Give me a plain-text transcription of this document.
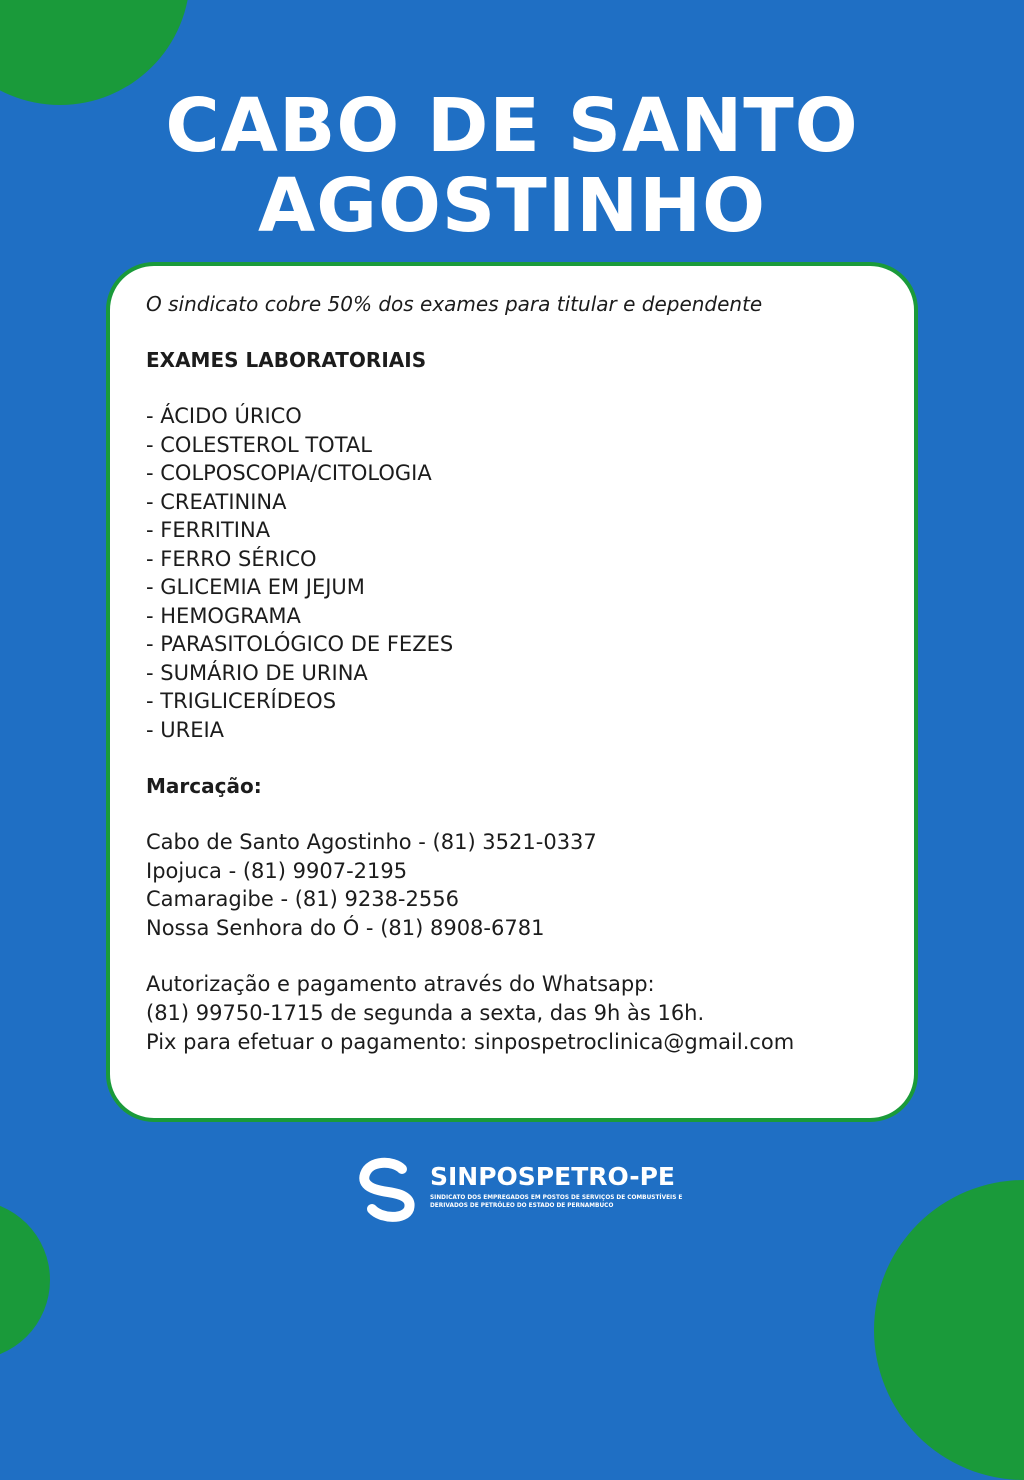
CABO DE SANTO
AGOSTINHO

O sindicato cobre 50% dos exames para titular e dependente

EXAMES LABORATORIAIS

- ÁCIDO ÚRICO
- COLESTEROL TOTAL
- COLPOSCOPIA/CITOLOGIA
- CREATININA
- FERRITINA
- FERRO SÉRICO
- GLICEMIA EM JEJUM
- HEMOGRAMA
- PARASITOLÓGICO DE FEZES
- SUMÁRIO DE URINA
- TRIGLICERÍDEOS
- UREIA

Marcação:

Cabo de Santo Agostinho - (81) 3521-0337

Ipojuca - (81) 9907-2195

Camaragibe - (81) 9238-2556

Nossa Senhora do Ó - (81) 8908-6781

Autorização e pagamento através do Whatsapp:

(81) 99750-1715 de segunda a sexta, das 9h às 16h.

Pix para efetuar o pagamento: sinpospetroclinica@gmail.com

SINPOSPETRO-PE

SINDICATO DOS EMPREGADOS EM POSTOS DE SERVIÇOS DE COMBUSTÍVEIS E DERIVADOS DE PETRÓLEO DO ESTADO DE PERNAMBUCO
